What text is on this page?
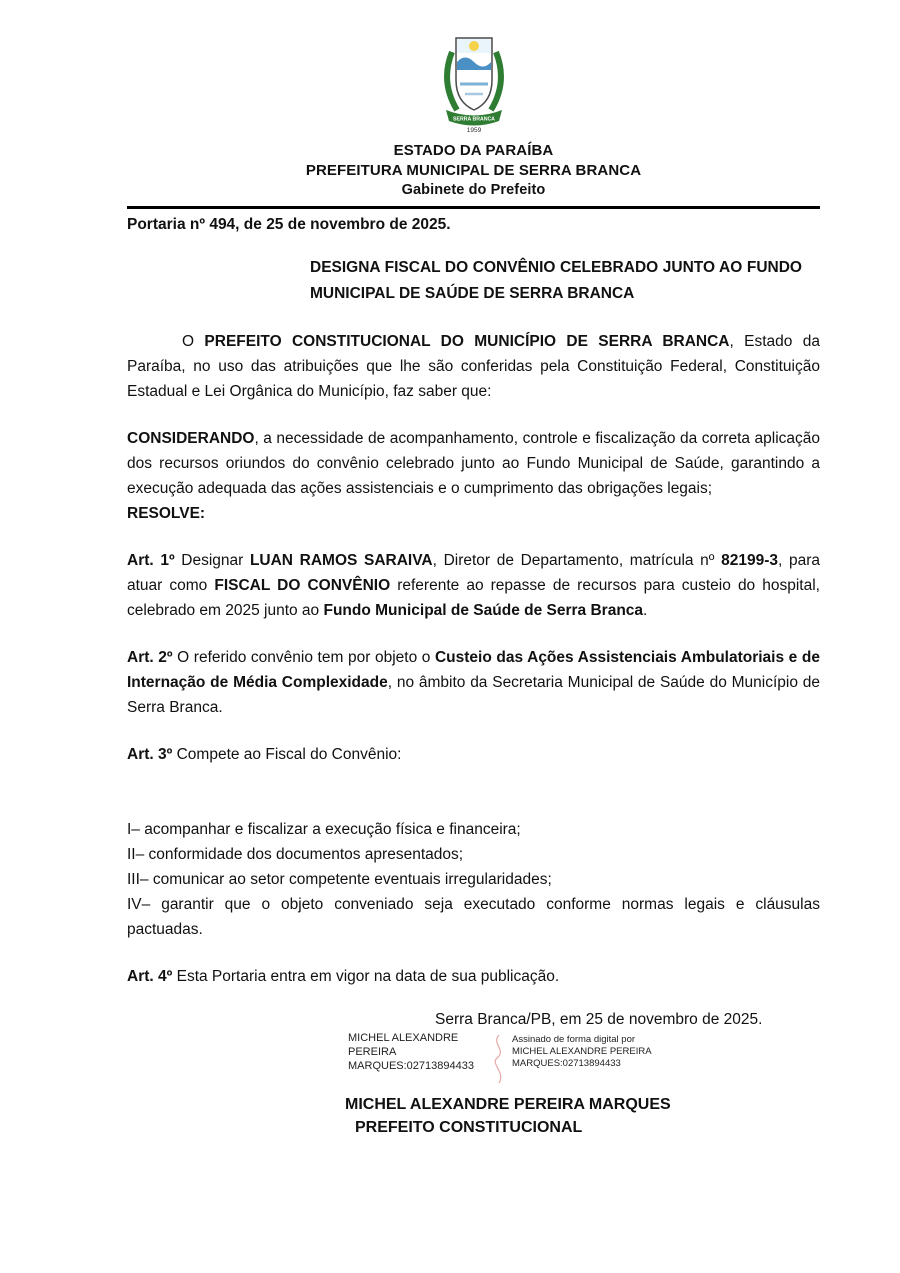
SERRA BRANCA
1959
ESTADO DA PARAÍBA
PREFEITURA MUNICIPAL DE SERRA BRANCA
Gabinete do Prefeito

Portaria nº 494, de 25 de novembro de 2025.

DESIGNA FISCAL DO CONVÊNIO CELEBRADO JUNTO AO FUNDO MUNICIPAL DE SAÚDE DE SERRA BRANCA

O PREFEITO CONSTITUCIONAL DO MUNICÍPIO DE SERRA BRANCA, Estado da Paraíba, no uso das atribuições que lhe são conferidas pela Constituição Federal, Constituição Estadual e Lei Orgânica do Município, faz saber que:

CONSIDERANDO, a necessidade de acompanhamento, controle e fiscalização da correta aplicação dos recursos oriundos do convênio celebrado junto ao Fundo Municipal de Saúde, garantindo a execução adequada das ações assistenciais e o cumprimento das obrigações legais;

RESOLVE:

Art. 1º Designar LUAN RAMOS SARAIVA, Diretor de Departamento, matrícula nº 82199-3, para atuar como FISCAL DO CONVÊNIO referente ao repasse de recursos para custeio do hospital, celebrado em 2025 junto ao Fundo Municipal de Saúde de Serra Branca.

Art. 2º O referido convênio tem por objeto o Custeio das Ações Assistenciais Ambulatoriais e de Internação de Média Complexidade, no âmbito da Secretaria Municipal de Saúde do Município de Serra Branca.

Art. 3º Compete ao Fiscal do Convênio:

I– acompanhar e fiscalizar a execução física e financeira;

II– conformidade dos documentos apresentados;

III– comunicar ao setor competente eventuais irregularidades;

IV– garantir que o objeto conveniado seja executado conforme normas legais e cláusulas pactuadas.

Art. 4º Esta Portaria entra em vigor na data de sua publicação.

Serra Branca/PB, em 25 de novembro de 2025.

MICHEL ALEXANDRE PEREIRA MARQUES:02713894433
Assinado de forma digital por
MICHEL ALEXANDRE PEREIRA
MARQUES:02713894433
MICHEL ALEXANDRE PEREIRA MARQUES
PREFEITO CONSTITUCIONAL
